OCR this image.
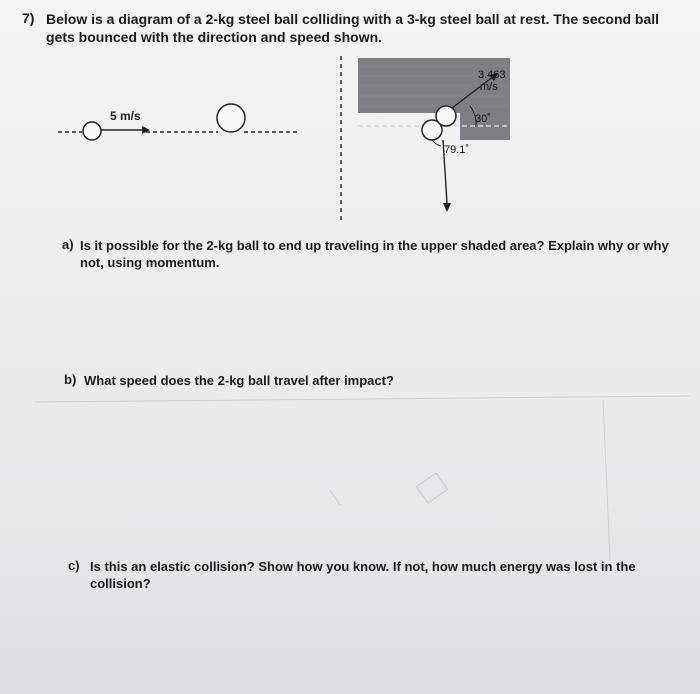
7) Below is a diagram of a 2-kg steel ball colliding with a 3-kg steel ball at rest. The second ball gets bounced with the direction and speed shown.
5 m/s
3.463
m/s
30˚
79.1˚
a) Is it possible for the 2-kg ball to end up traveling in the upper shaded area? Explain why or why not, using momentum.
b) What speed does the 2-kg ball travel after impact?
c) Is this an elastic collision? Show how you know. If not, how much energy was lost in the collision?
